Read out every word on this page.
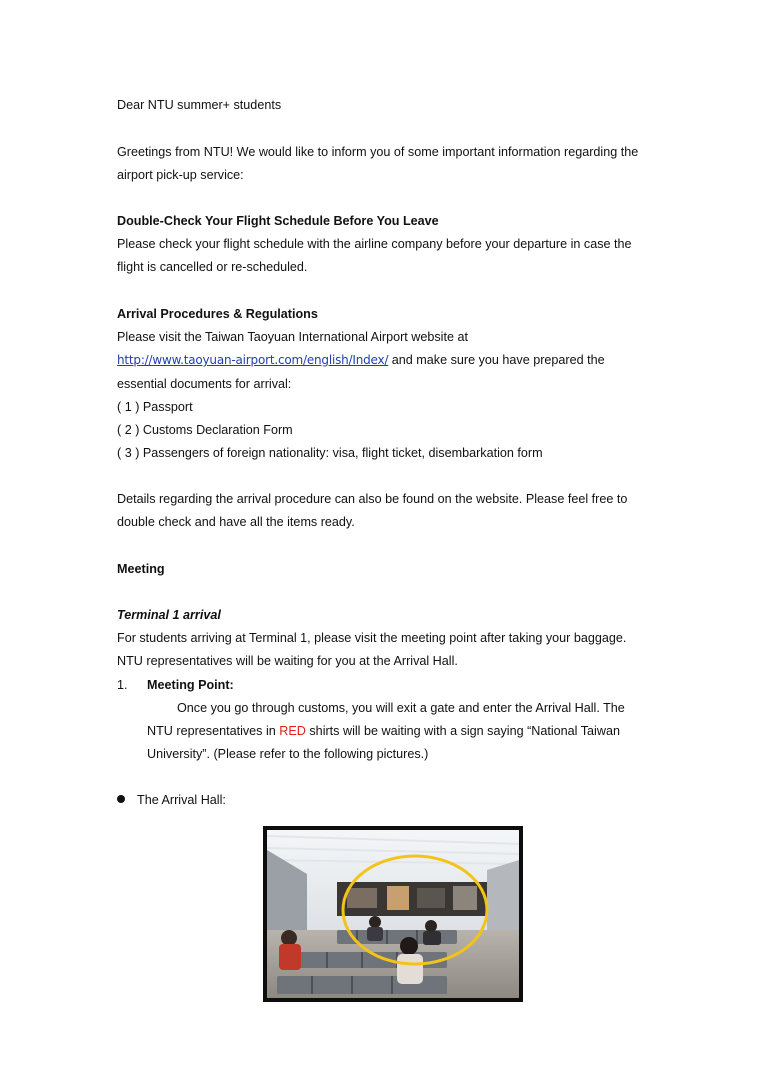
Dear NTU summer+ students
Greetings from NTU! We would like to inform you of some important information regarding the
airport pick-up service:
Double-Check Your Flight Schedule Before You Leave
Please check your flight schedule with the airline company before your departure in case the
flight is cancelled or re-scheduled.
Arrival Procedures & Regulations
Please visit the Taiwan Taoyuan International Airport website at
http://www.taoyuan-airport.com/english/Index/ and make sure you have prepared the
essential documents for arrival:
( 1 ) Passport
( 2 ) Customs Declaration Form
( 3 ) Passengers of foreign nationality: visa, flight ticket, disembarkation form
Details regarding the arrival procedure can also be found on the website. Please feel free to
double check and have all the items ready.
Meeting
Terminal 1 arrival
For students arriving at Terminal 1, please visit the meeting point after taking your baggage.
NTU representatives will be waiting for you at the Arrival Hall.
1. Meeting Point:
Once you go through customs, you will exit a gate and enter the Arrival Hall. The
NTU representatives in RED shirts will be waiting with a sign saying “National Taiwan
University”. (Please refer to the following pictures.)
The Arrival Hall:
